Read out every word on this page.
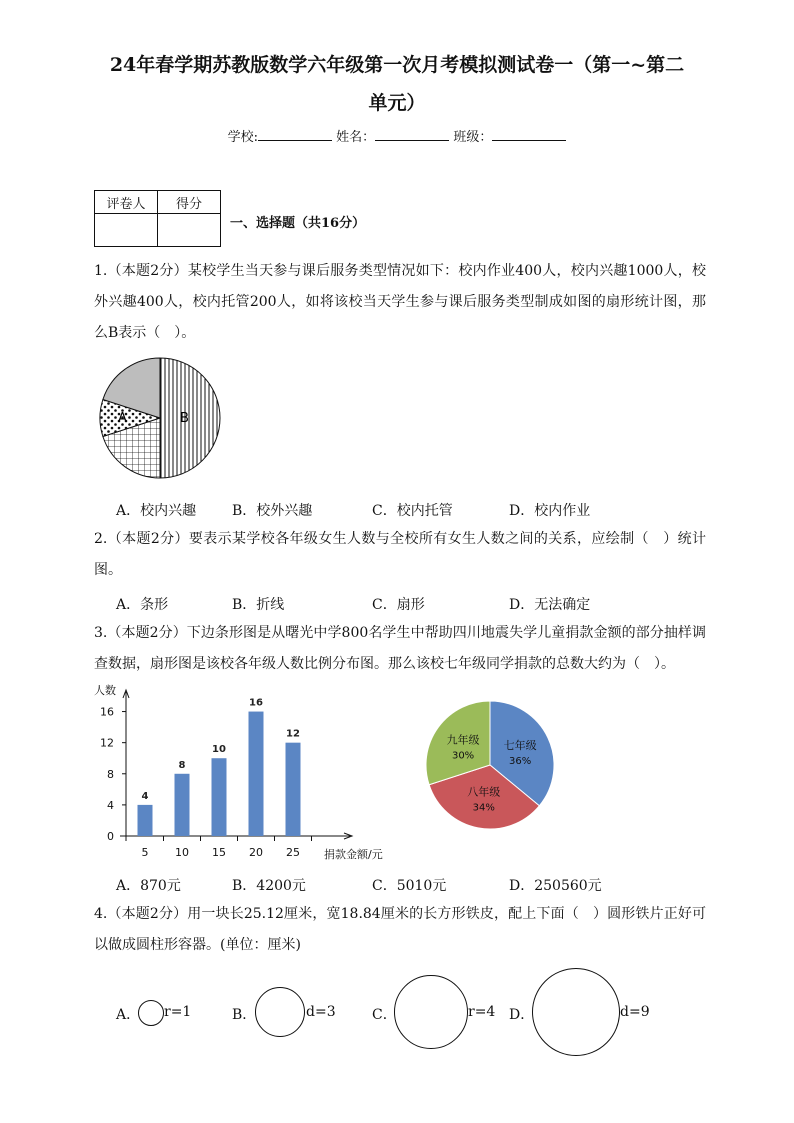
24年春学期苏教版数学六年级第一次月考模拟测试卷一（第一~第二
单元）
学校:	姓名：	班级：
评卷人	得分

一、选择题（共16分）
1.（本题2分）某校学生当天参与课后服务类型情况如下：校内作业400人，校内兴趣1000人，校外兴趣400人，校内托管200人，如将该校当天学生参与课后服务类型制成如图的扇形统计图，那么B表示（　）。
A	B
A．校内兴趣	B．校外兴趣	C．校内托管	D．校内作业
2.（本题2分）要表示某学校各年级女生人数与全校所有女生人数之间的关系，应绘制（　）统计图。
A．条形	B．折线	C．扇形	D．无法确定
3.（本题2分）下边条形图是从曙光中学800名学生中帮助四川地震失学儿童捐款金额的部分抽样调查数据，扇形图是该校各年级人数比例分布图。那么该校七年级同学捐款的总数大约为（　）。
人数
0
4
8
12
16
捐款金额/元
4
5
8
10
10
15
16
20
12
25
七年级
36%
八年级
34%
九年级
30%
A．870元	B．4200元	C．5010元	D．250560元
4.（本题2分）用一块长25.12厘米，宽18.84厘米的长方形铁皮，配上下面（　）圆形铁片正好可以做成圆柱形容器。(单位：厘米)
A． r=1	B．	d=3	C．	r=4 D．	d=9
